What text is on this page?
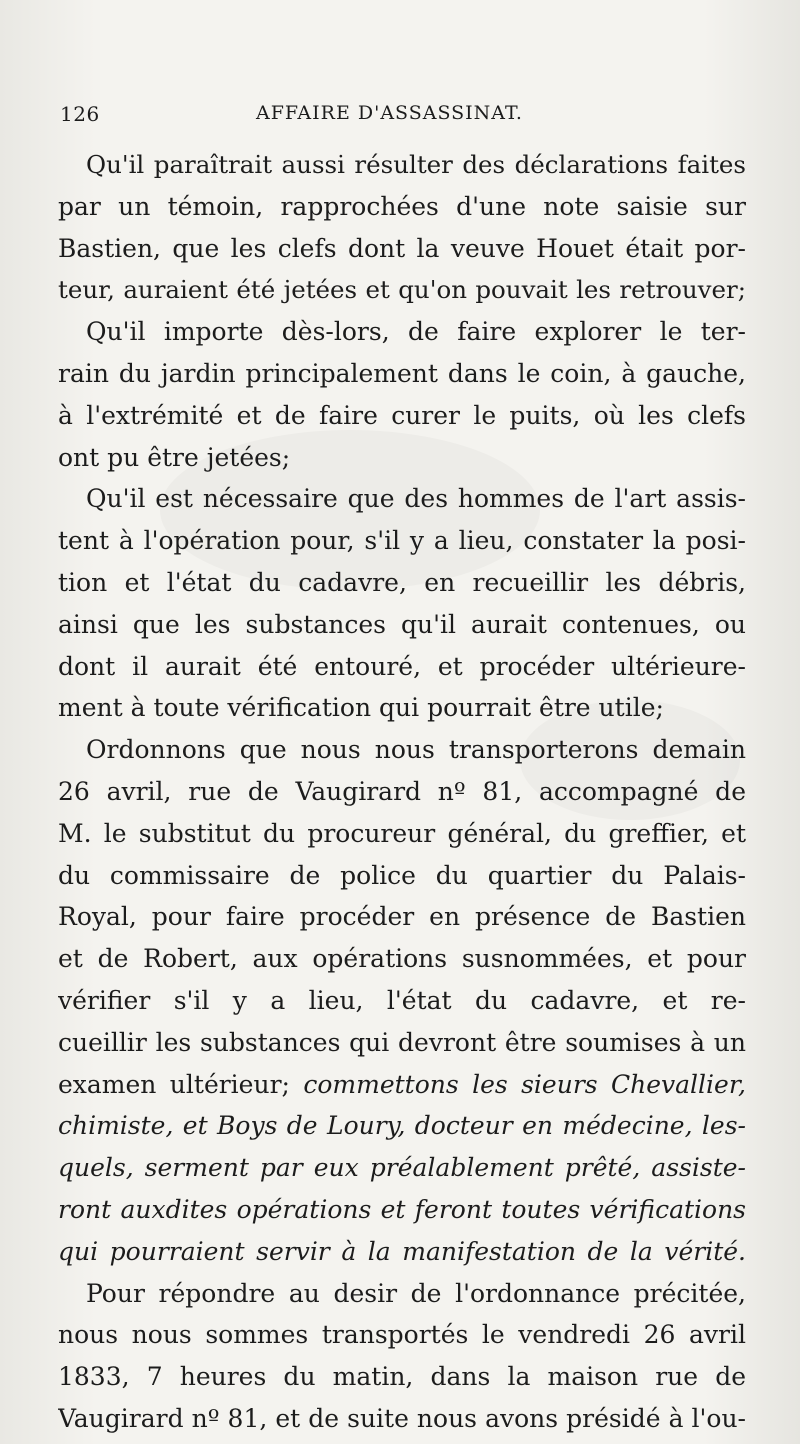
126	AFFAIRE D'ASSASSINAT.
Qu'il paraîtrait aussi résulter des déclarations faites
par un témoin, rapprochées d'une note saisie sur
Bastien, que les clefs dont la veuve Houet était por-
teur, auraient été jetées et qu'on pouvait les retrouver;
Qu'il importe dès-lors, de faire explorer le ter-
rain du jardin principalement dans le coin, à gauche,
à l'extrémité et de faire curer le puits, où les clefs
ont pu être jetées;
Qu'il est nécessaire que des hommes de l'art assis-
tent à l'opération pour, s'il y a lieu, constater la posi-
tion et l'état du cadavre, en recueillir les débris,
ainsi que les substances qu'il aurait contenues, ou
dont il aurait été entouré, et procéder ultérieure-
ment à toute vérification qui pourrait être utile;
Ordonnons que nous nous transporterons demain
26 avril, rue de Vaugirard nº 81, accompagné de
M. le substitut du procureur général, du greffier, et
du commissaire de police du quartier du Palais-
Royal, pour faire procéder en présence de Bastien
et de Robert, aux opérations susnommées, et pour
vérifier s'il y a lieu, l'état du cadavre, et re-
cueillir les substances qui devront être soumises à un
examen ultérieur; commettons les sieurs Chevallier,
chimiste, et Boys de Loury, docteur en médecine, les-
quels, serment par eux préalablement prêté, assiste-
ront auxdites opérations et feront toutes vérifications
qui pourraient servir à la manifestation de la vérité.
Pour répondre au desir de l'ordonnance précitée,
nous nous sommes transportés le vendredi 26 avril
1833, 7 heures du matin, dans la maison rue de
Vaugirard nº 81, et de suite nous avons présidé à l'ou-
